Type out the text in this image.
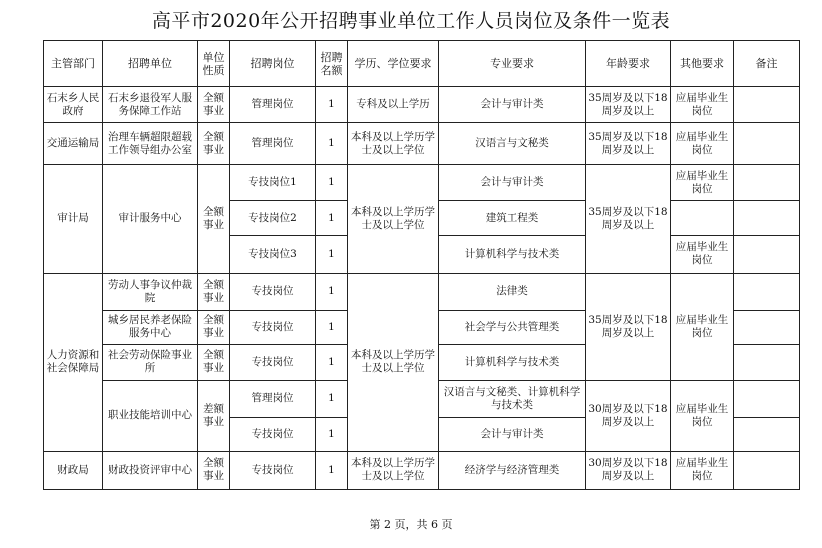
高平市2020年公开招聘事业单位工作人员岗位及条件一览表
主管部门	招聘单位	单位性质	招聘岗位	招聘名额	学历、学位要求	专业要求	年龄要求	其他要求	备注
石末乡人民政府	石末乡退役军人服务保障工作站	全额事业	管理岗位	1	专科及以上学历	会计与审计类	35周岁及以下18周岁及以上	应届毕业生岗位	
交通运输局	治理车辆超限超载工作领导组办公室	全额事业	管理岗位	1	本科及以上学历学士及以上学位	汉语言与文秘类	35周岁及以下18周岁及以上	应届毕业生岗位	
审计局	审计服务中心	全额事业	专技岗位1	1	本科及以上学历学士及以上学位	会计与审计类	35周岁及以下18周岁及以上	应届毕业生岗位	
			专技岗位2	1		建筑工程类			
			专技岗位3	1		计算机科学与技术类		应届毕业生岗位	
人力资源和社会保障局	劳动人事争议仲裁院	全额事业	专技岗位	1	本科及以上学历学士及以上学位	法律类	35周岁及以下18周岁及以上	应届毕业生岗位	
	城乡居民养老保险服务中心	全额事业	专技岗位	1		社会学与公共管理类			
	社会劳动保险事业所	全额事业	专技岗位	1		计算机科学与技术类			
	职业技能培训中心	差额事业	管理岗位	1		汉语言与文秘类、计算机科学与技术类	30周岁及以下18周岁及以上	应届毕业生岗位	
			专技岗位	1		会计与审计类			
财政局	财政投资评审中心	全额事业	专技岗位	1	本科及以上学历学士及以上学位	经济学与经济管理类	30周岁及以下18周岁及以上	应届毕业生岗位	
第 2 页，共 6 页
